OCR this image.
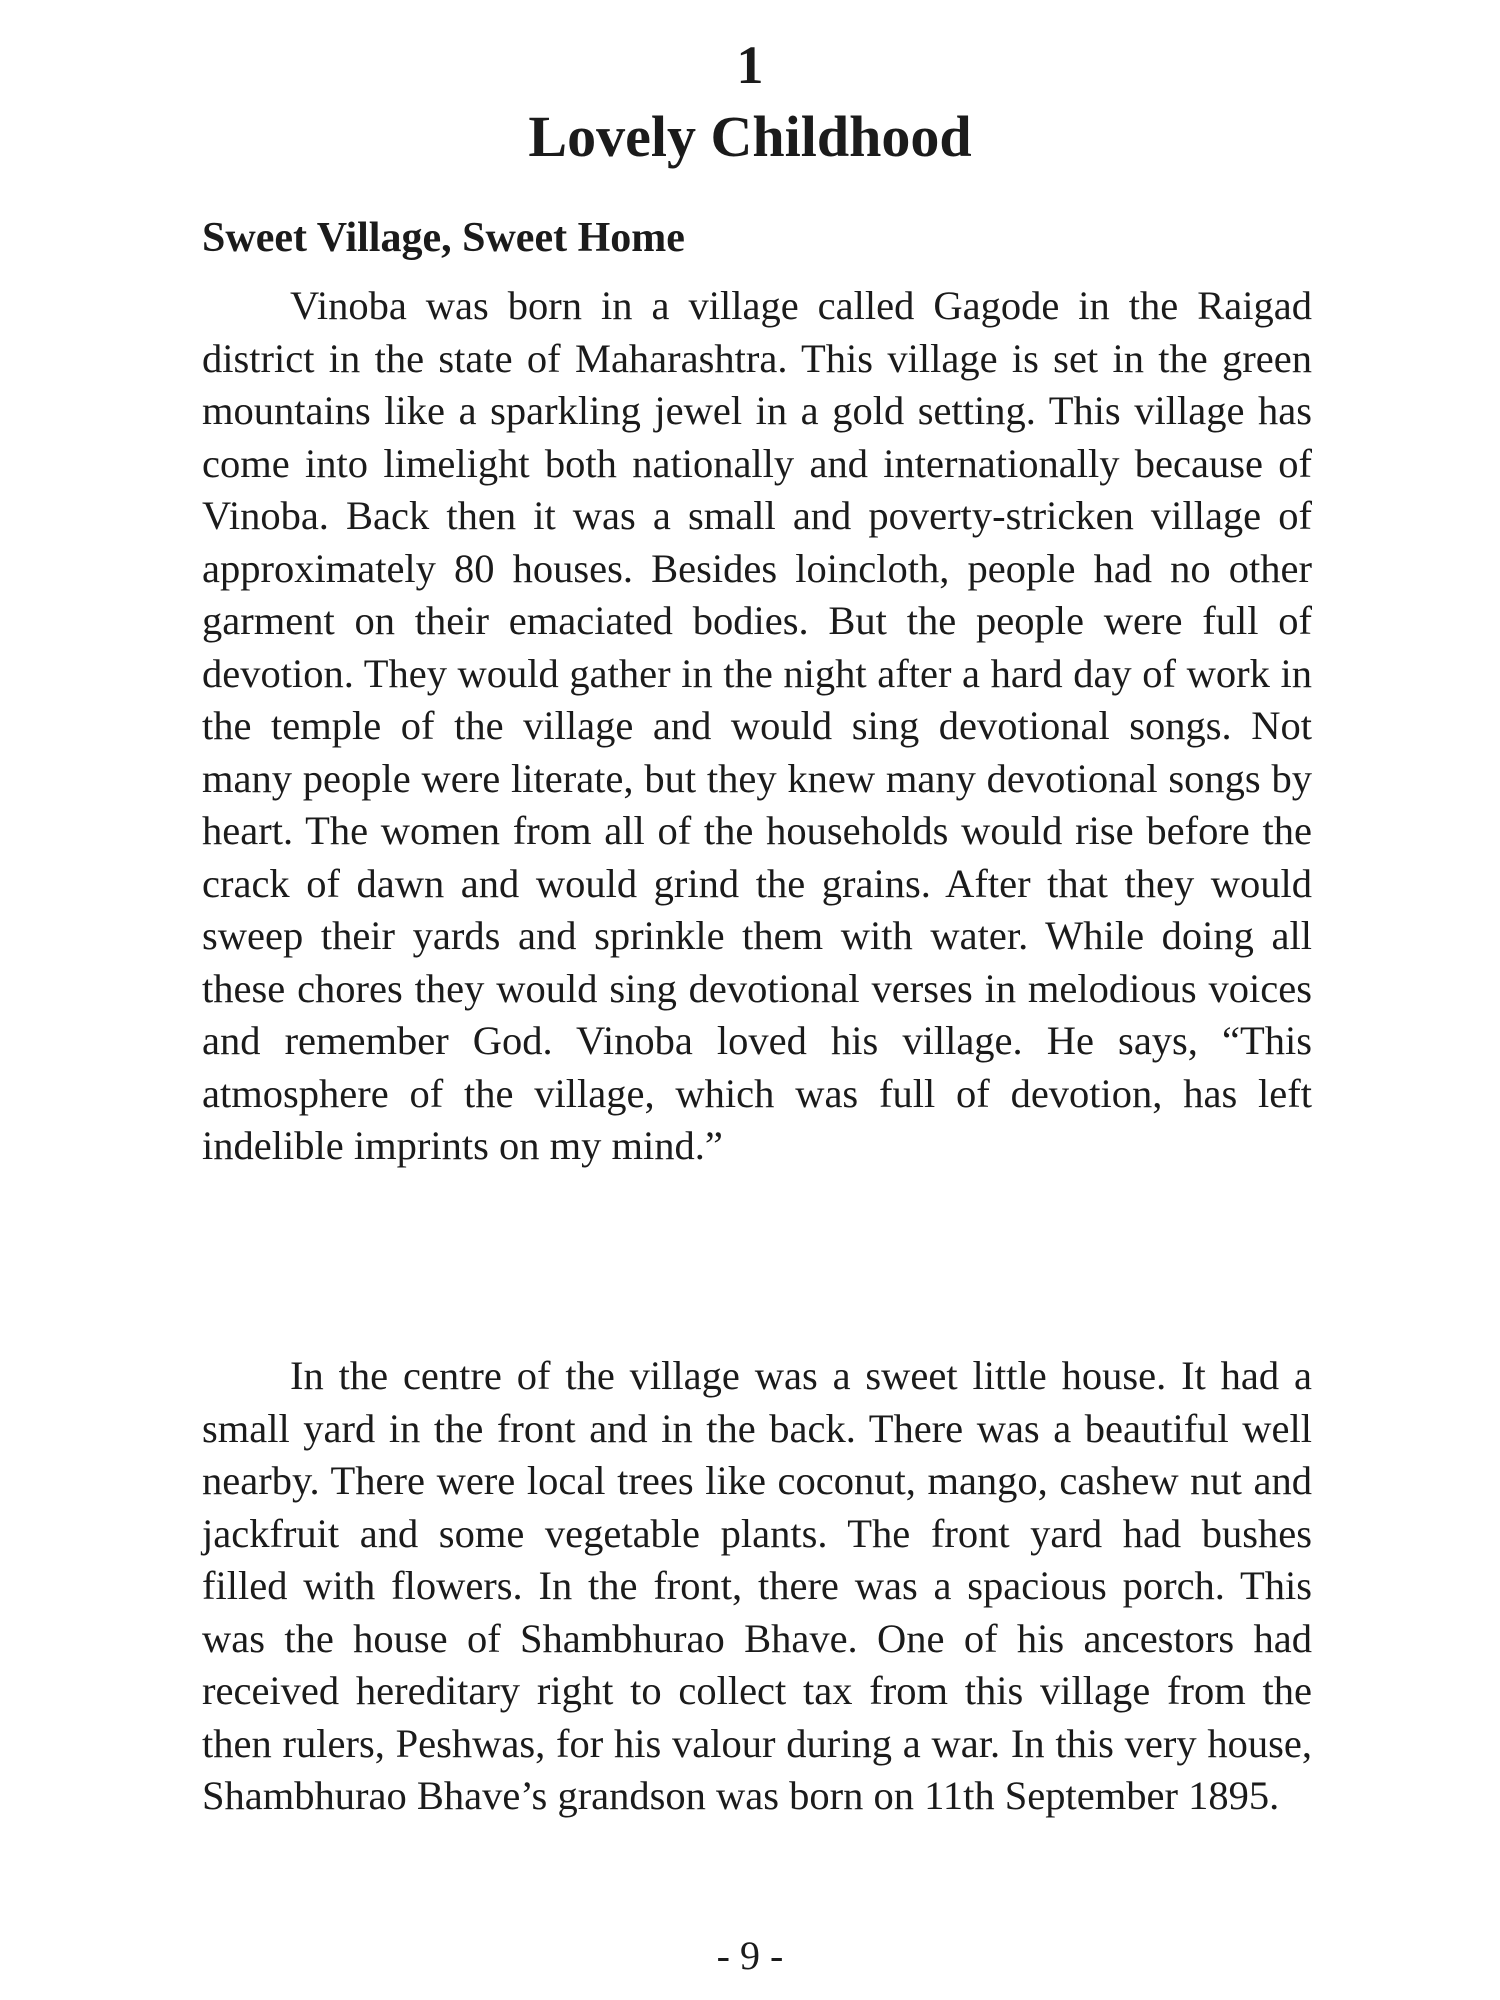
1
Lovely Childhood
Sweet Village, Sweet Home

Vinoba was born in a village called Gagode in the Raigad district in the state of Maharashtra. This village is set in the green mountains like a sparkling jewel in a gold setting. This village has come into limelight both nationally and internationally because of Vinoba. Back then it was a small and poverty-stricken village of approximately 80 houses. Besides loincloth, people had no other garment on their emaciated bodies. But the people were full of devotion. They would gather in the night after a hard day of work in the temple of the village and would sing devotional songs. Not many people were literate, but they knew many devotional songs by heart. The women from all of the households would rise before the crack of dawn and would grind the grains. After that they would sweep their yards and sprinkle them with water. While doing all these chores they would sing devotional verses in melodious voices and remember God. Vinoba loved his village. He says, “This atmosphere of the village, which was full of devotion, has left indelible imprints on my mind.”

In the centre of the village was a sweet little house. It had a small yard in the front and in the back. There was a beautiful well nearby. There were local trees like coconut, mango, cashew nut and jackfruit and some vegetable plants. The front yard had bushes filled with flowers. In the front, there was a spacious porch. This was the house of Shambhurao Bhave. One of his ancestors had received hereditary right to collect tax from this village from the then rulers, Peshwas, for his valour during a war. In this very house, Shambhurao Bhave’s grandson was born on 11th September 1895.

- 9 -
